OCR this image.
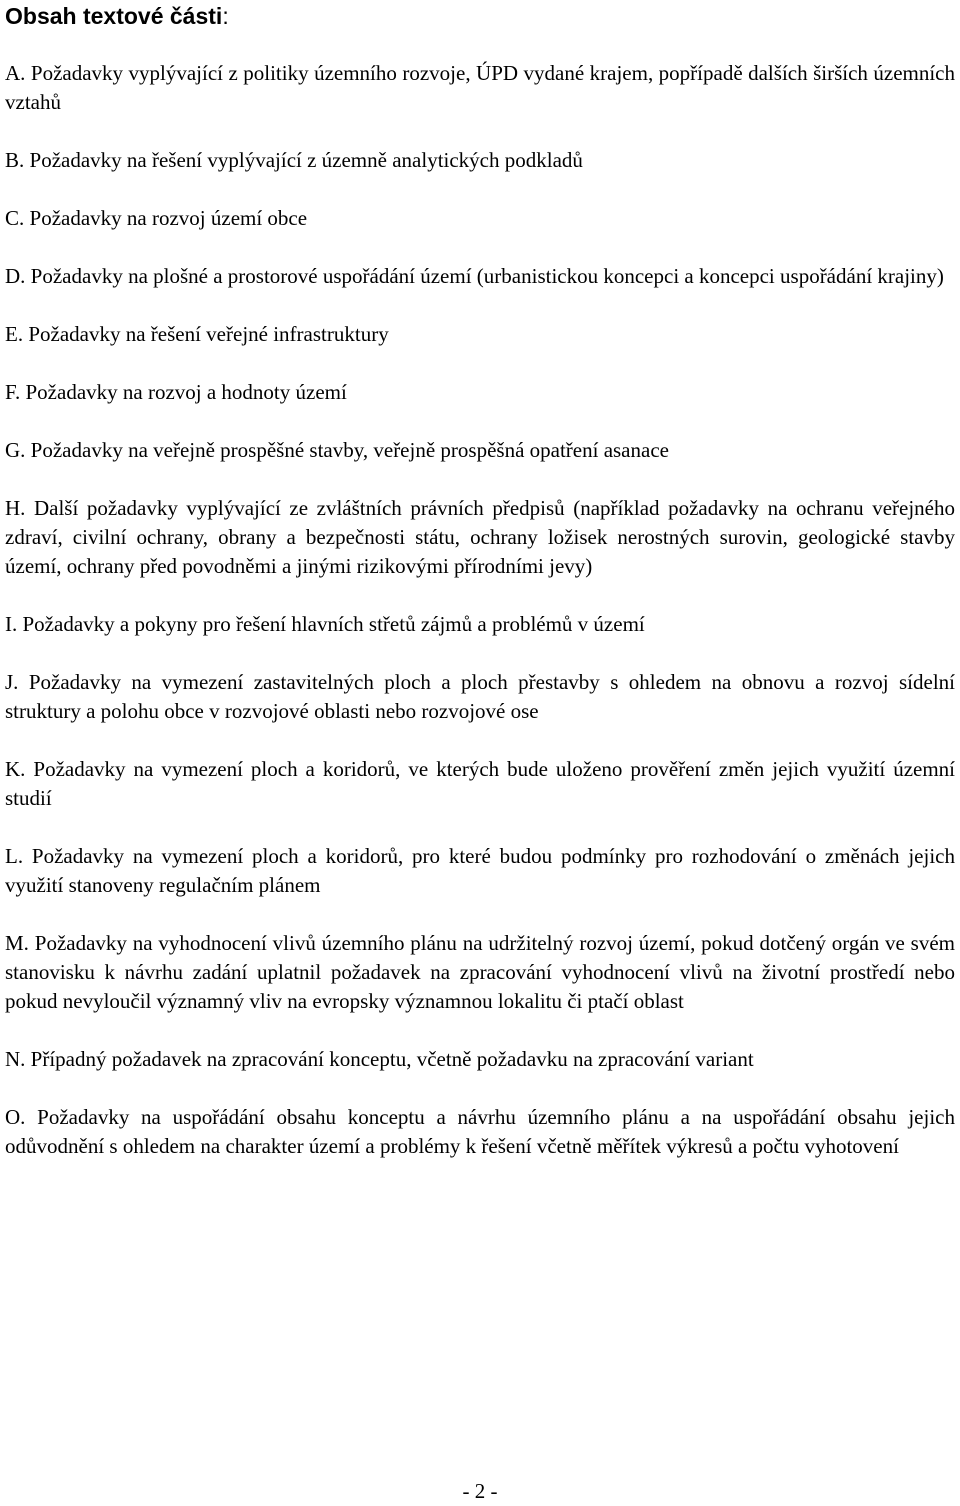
Obsah textové části:

A. Požadavky vyplývající z politiky územního rozvoje, ÚPD vydané krajem, popřípadě dalších širších územních vztahů

B. Požadavky na řešení vyplývající z územně analytických podkladů

C. Požadavky na rozvoj území obce

D. Požadavky na plošné a prostorové uspořádání území (urbanistickou koncepci a koncepci uspořádání krajiny)

E. Požadavky na řešení veřejné infrastruktury

F. Požadavky na rozvoj a hodnoty území

G. Požadavky na veřejně prospěšné stavby, veřejně prospěšná opatření asanace

H. Další požadavky vyplývající ze zvláštních právních předpisů (například požadavky na ochranu veřejného zdraví, civilní ochrany, obrany a bezpečnosti státu, ochrany ložisek nerostných surovin, geologické stavby území, ochrany před povodněmi a jinými rizikovými přírodními jevy)

I. Požadavky a pokyny pro řešení hlavních střetů zájmů a problémů v území

J. Požadavky na vymezení zastavitelných ploch a ploch přestavby s ohledem na obnovu a rozvoj sídelní struktury a polohu obce v rozvojové oblasti nebo rozvojové ose

K. Požadavky na vymezení ploch a koridorů, ve kterých bude uloženo prověření změn jejich využití územní studií

L. Požadavky na vymezení ploch a koridorů, pro které budou podmínky pro rozhodování o změnách jejich využití stanoveny regulačním plánem

M. Požadavky na vyhodnocení vlivů územního plánu na udržitelný rozvoj území, pokud dotčený orgán ve svém stanovisku k návrhu zadání uplatnil požadavek na zpracování vyhodnocení vlivů na životní prostředí nebo pokud nevyloučil významný vliv na evropsky významnou lokalitu či ptačí oblast

N. Případný požadavek na zpracování konceptu, včetně požadavku na zpracování variant

O. Požadavky na uspořádání obsahu konceptu a návrhu územního plánu a na uspořádání obsahu jejich odůvodnění s ohledem na charakter území a problémy k řešení včetně měřítek výkresů a počtu vyhotovení

- 2 -
